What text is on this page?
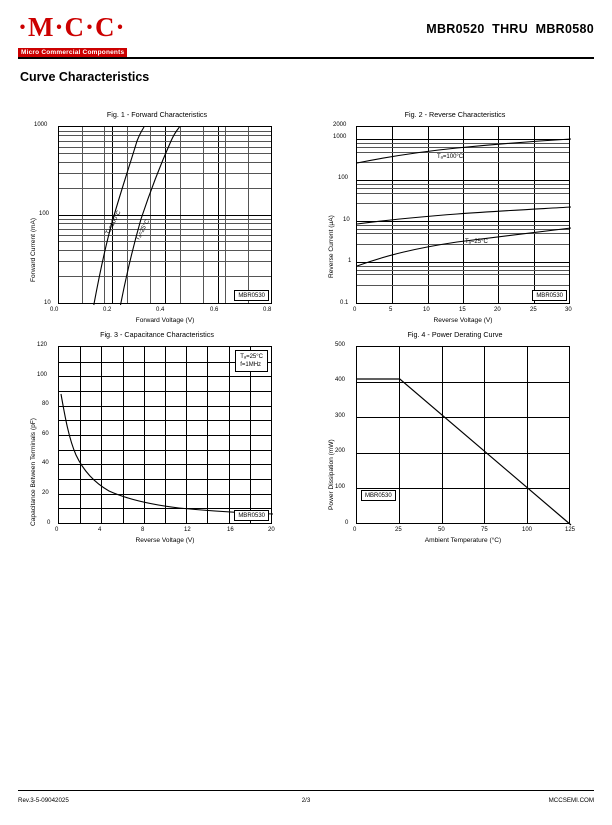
·M·C·C·
Micro Commercial Components
MBR0520  THRU  MBR0580
Curve Characteristics
Fig. 1 - Forward Characteristics
Forward Current (mA)	Tₐ=100°C Tₐ=25°C
MBR0530
1000
100
10
0.0	0.2	0.4	0.6	0.8
Forward Voltage (V)
Fig. 2 - Reverse Characteristics
Reverse Current (µA)
Tₐ=100°C
Tₐ=25°C
MBR0530
2000
1000
100
10
1
0.1
0	5	10	15	20	25	30
Reverse Voltage (V)
Fig. 3 - Capacitance Characteristics
Capacitance Between Terminals (pF)
Tₐ=25°C
f=1MHz
MBR0530
120
100
80
60
40
20
0
0	4	8	12	16	20
Reverse Voltage (V)
Fig. 4 - Power Derating Curve
Power Dissipation (mW)	MBR0530
500
400
300
200
100
0
0	25	50	75	100	125
Ambient Temperature (°C)
Rev.3-5-09042025	2/3	MCCSEMI.COM
